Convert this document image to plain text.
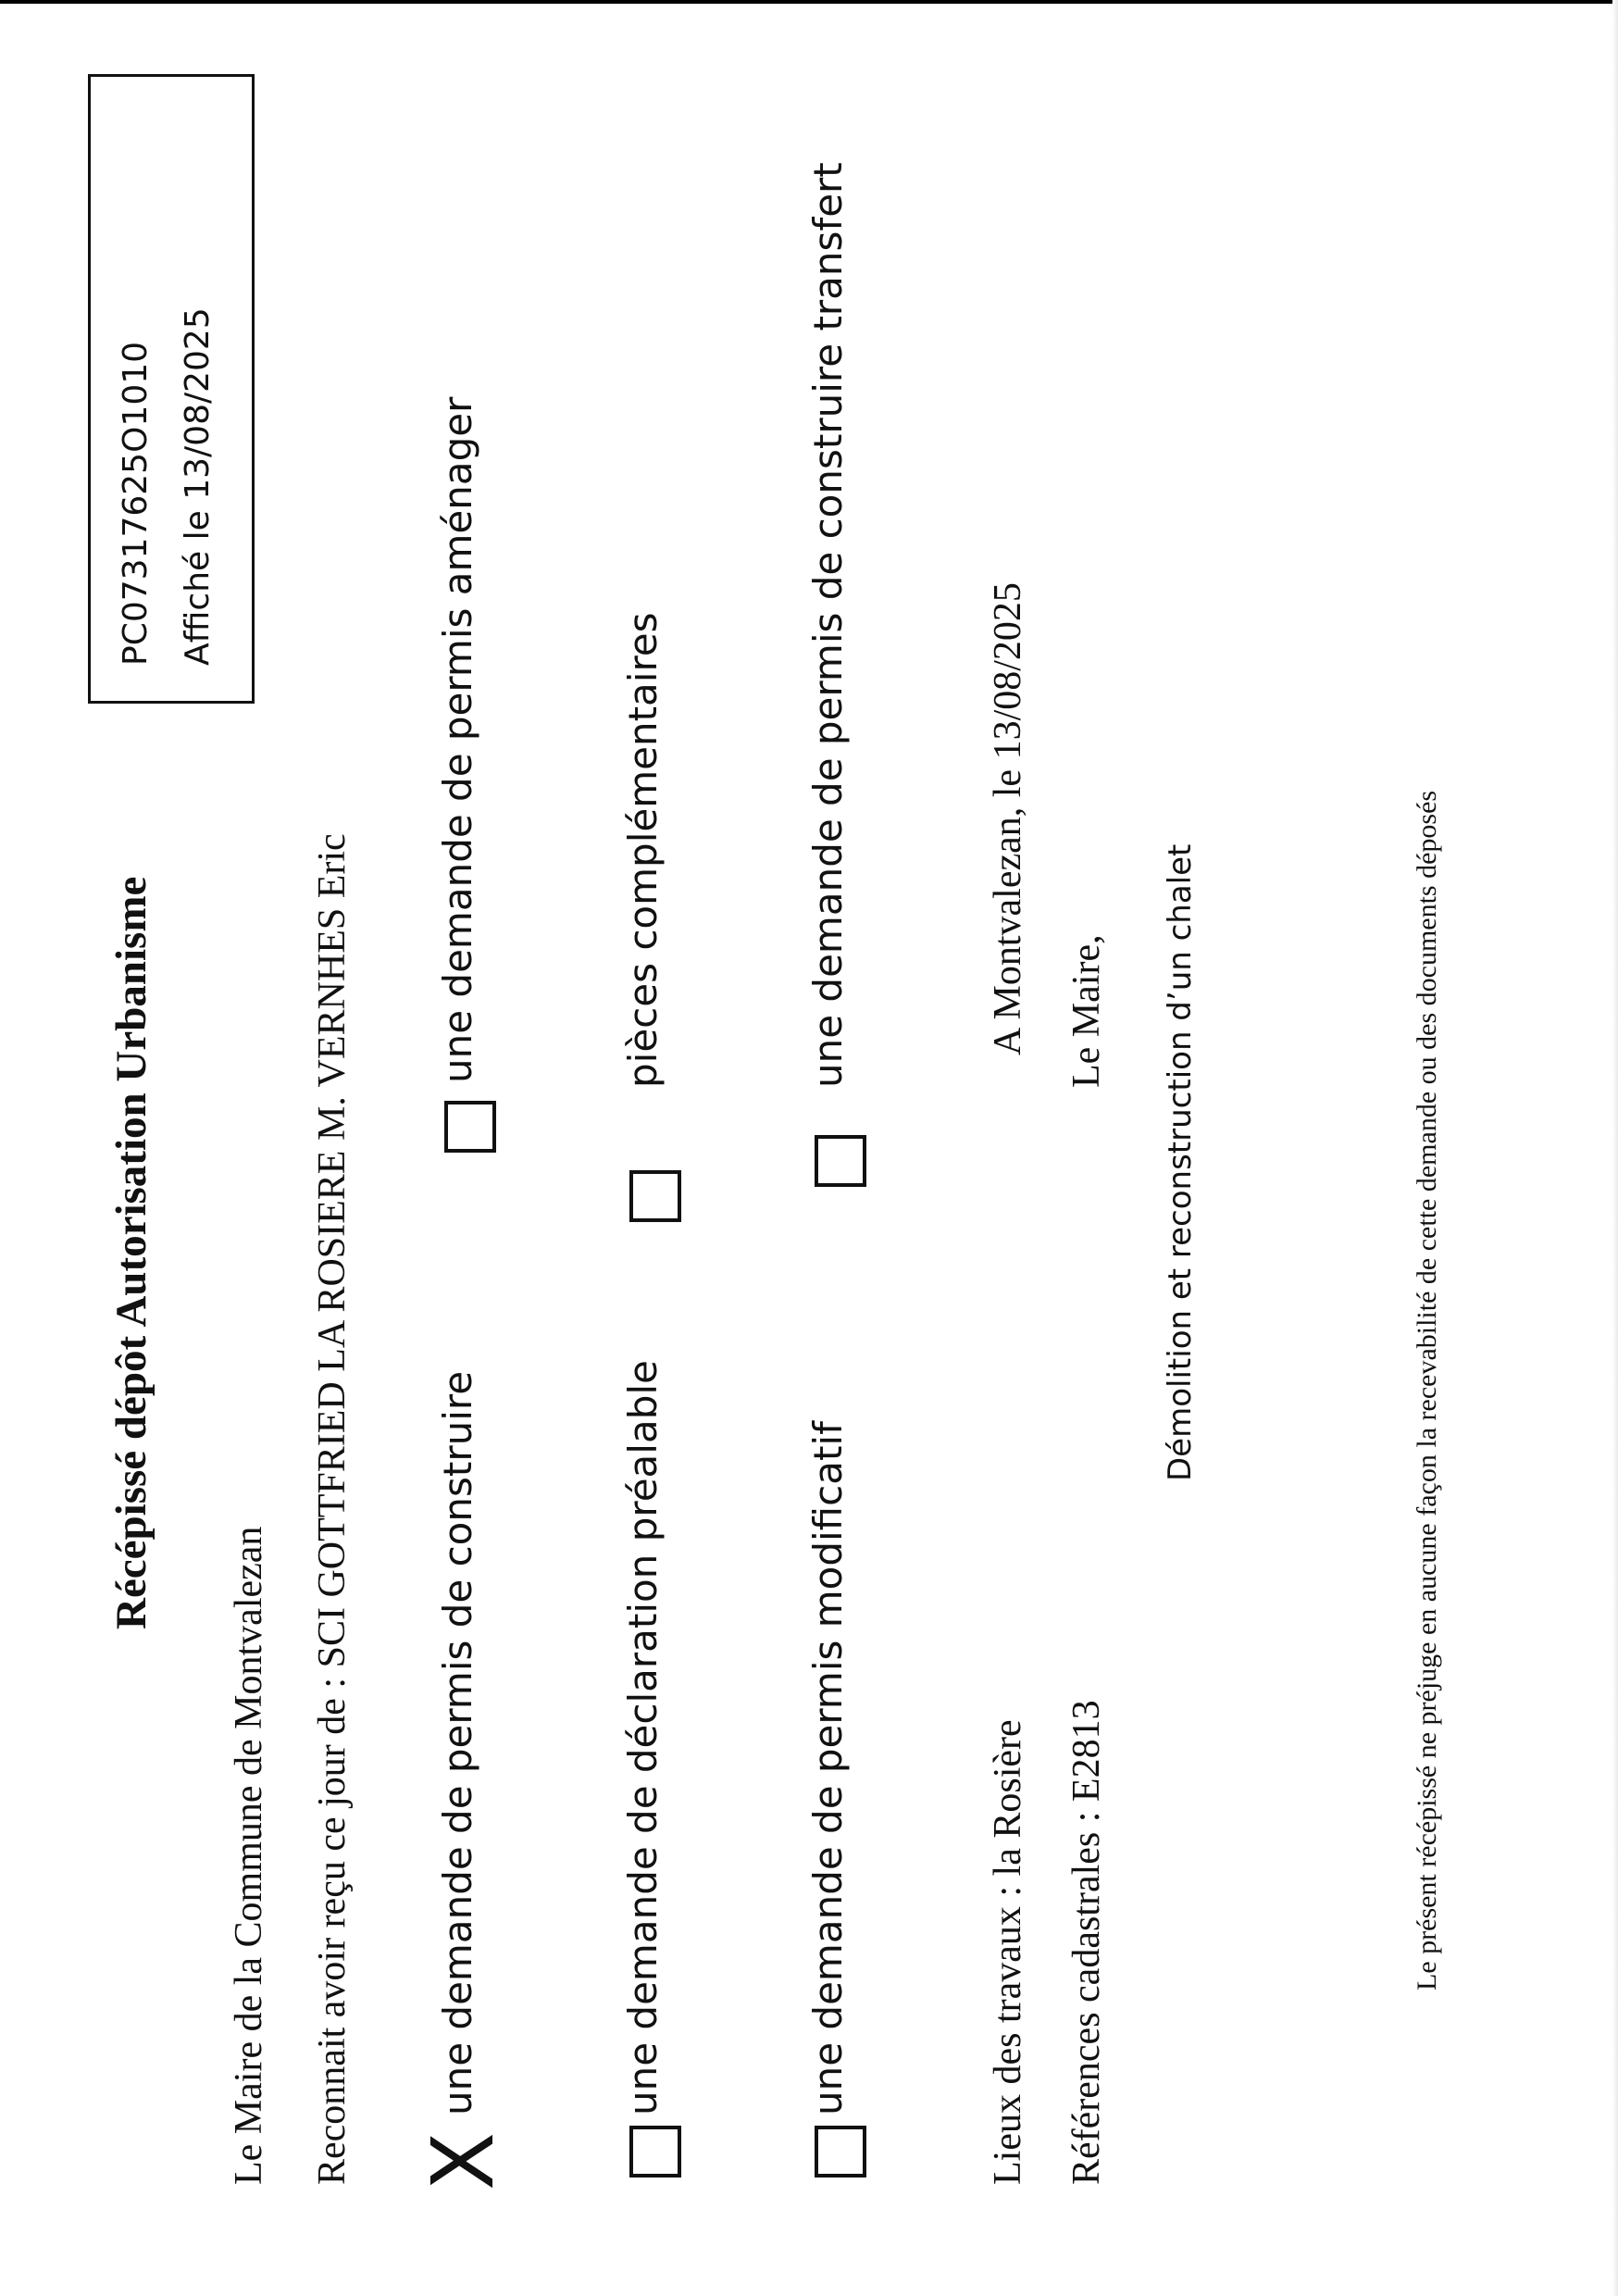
Récépissé dépôt Autorisation Urbanisme
PC07317625O1010 Affiché le 13/08/2025
Le Maire de la Commune de Montvalezan Reconnait avoir reçu ce jour de : SCI GOTTFRIED LA ROSIERE M. VERNHES Eric X
une demande de permis de construire
une demande de permis aménager
une demande de déclaration préalable
pièces complémentaires
une demande de permis modificatif
une demande de permis de construire transfert
Lieux des travaux : la Rosière Références cadastrales : E2813
A Montvalezan, le 13/08/2025 Le Maire, Démolition et reconstruction d’un chalet	Le présent récépissé ne préjuge en aucune façon la recevabilité de cette demande ou des documents déposés
